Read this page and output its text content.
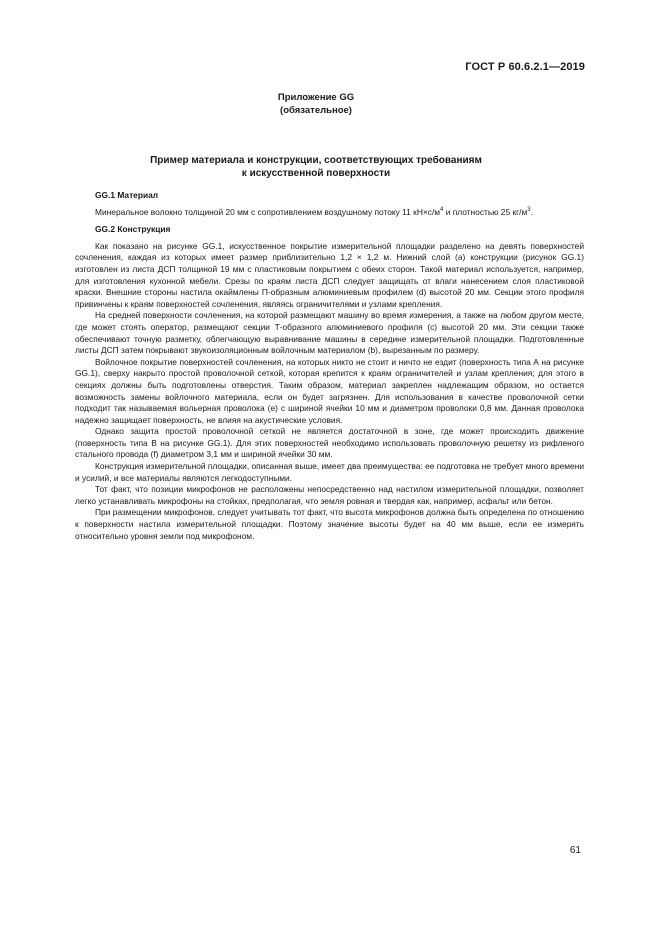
ГОСТ Р 60.6.2.1—2019
Приложение GG
(обязательное)
Пример материала и конструкции, соответствующих требованиям
к искусственной поверхности
GG.1 Материал

Минеральное волокно толщиной 20 мм с сопротивлением воздушному потоку 11 $кН\times с/м^4$ и плотностью 25 $кг/м^3$.

GG.2 Конструкция

Как показано на рисунке GG.1, искусственное покрытие измерительной площадки разделено на девять поверхностей сочленения, каждая из которых имеет размер приблизительно 1,2 × 1,2 м. Нижний слой (а) конструкции (рисунок GG.1) изготовлен из листа ДСП толщиной 19 мм с пластиковым покрытием с обеих сторон. Такой материал используется, например, для изготовления кухонной мебели. Срезы по краям листа ДСП следует защищать от влаги нанесением слоя пластиковой краски. Внешние стороны настила окаймлены П-образным алюминиевым профилем (d) высотой 20 мм. Секции этого профиля привинчены к краям поверхностей сочленения, являясь ограничителями и узлами крепления.

На средней поверхности сочленения, на которой размещают машину во время измерения, а также на любом другом месте, где может стоять оператор, размещают секции Т-образного алюминиевого профиля (с) высотой 20 мм. Эти секции также обеспечивают точную разметку, облегчающую выравнивание машины в середине измерительной площадки. Подготовленные листы ДСП затем покрывают звукоизоляционным войлочным материалом (b), вырезанным по размеру.

Войлочное покрытие поверхностей сочленения, на которых никто не стоит и ничто не ездит (поверхность типа А на рисунке GG.1), сверху накрыто простой проволочной сеткой, которая крепится к краям ограничителей и узлам крепления; для этого в секциях должны быть подготовлены отверстия. Таким образом, материал закреплен надлежащим образом, но остается возможность замены войлочного материала, если он будет загрязнен. Для использования в качестве проволочной сетки подходит так называемая вольерная проволока (е) с шириной ячейки 10 мм и диаметром проволоки 0,8 мм. Данная проволока надежно защищает поверхность, не влияя на акустические условия.

Однако защита простой проволочной сеткой не является достаточной в зоне, где может происходить движение (поверхность типа В на рисунке GG.1). Для этих поверхностей необходимо использовать проволочную решетку из рифленого стального провода (f) диаметром 3,1 мм и шириной ячейки 30 мм.

Конструкция измерительной площадки, описанная выше, имеет два преимущества: ее подготовка не требует много времени и усилий, и все материалы являются легкодоступными.

Тот факт, что позиции микрофонов не расположены непосредственно над настилом измерительной площадки, позволяет легко устанавливать микрофоны на стойках, предполагая, что земля ровная и твердая как, например, асфальт или бетон.

При размещении микрофонов, следует учитывать тот факт, что высота микрофонов должна быть определена по отношению к поверхности настила измерительной площадки. Поэтому значение высоты будет на 40 мм выше, если ее измерять относительно уровня земли под микрофоном.

61
